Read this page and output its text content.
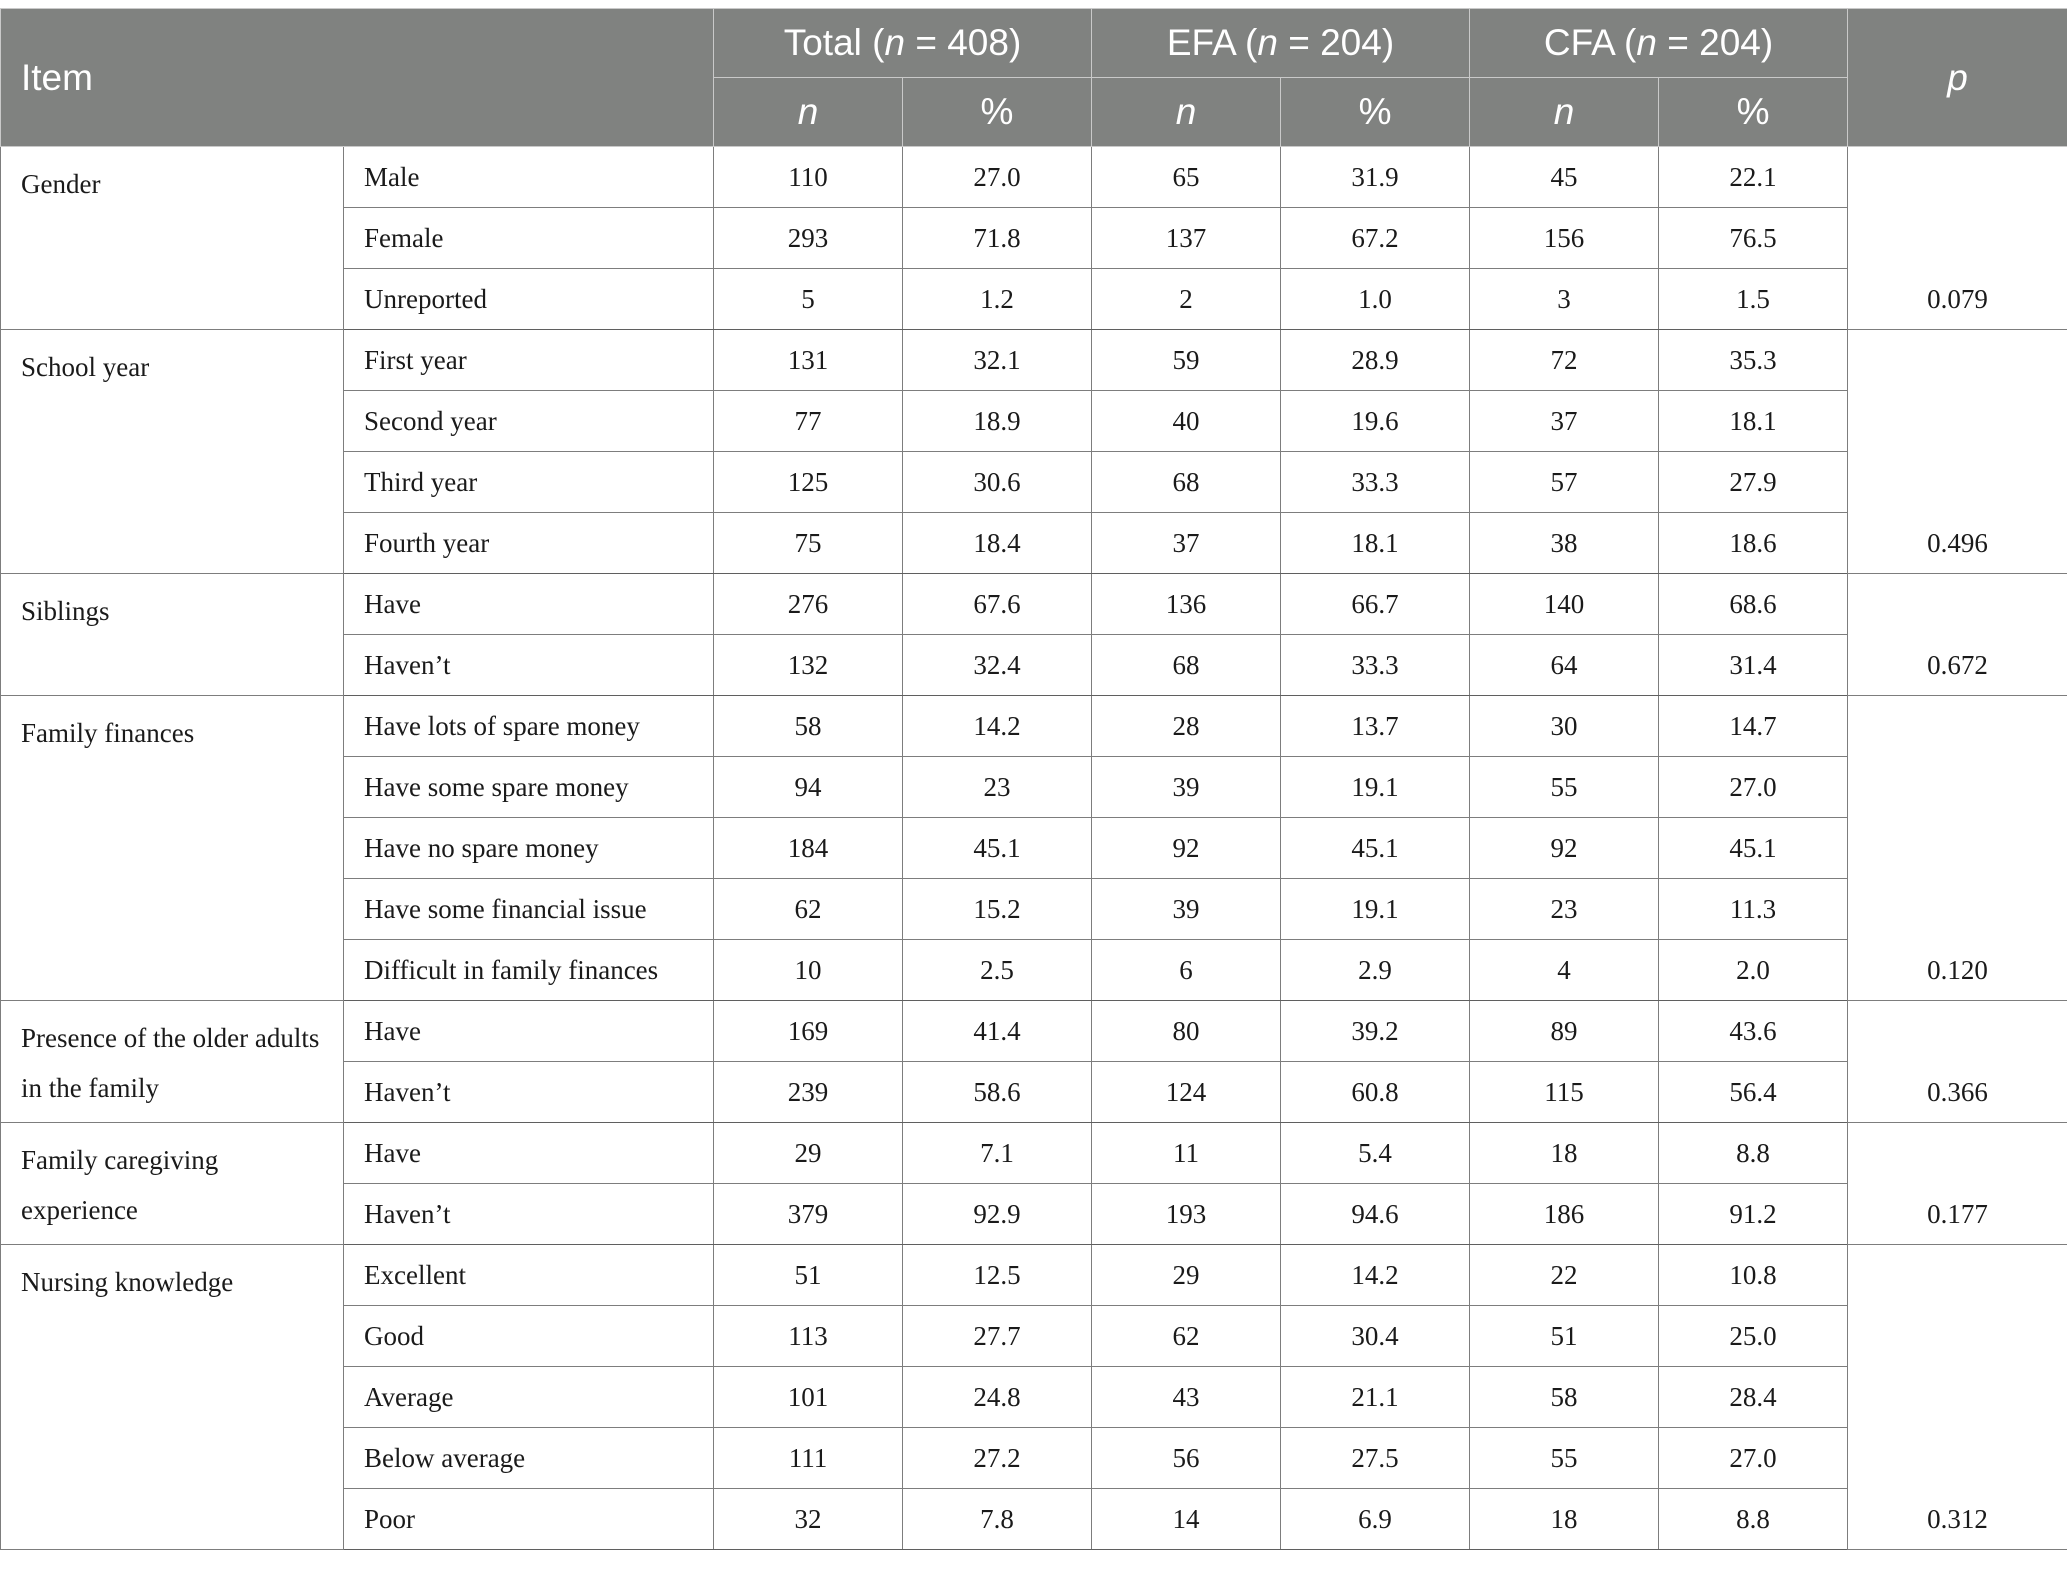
Item		Total (n = 408)		EFA (n = 204)		CFA (n = 204)		p
		n	%	n	%	n	%	
Gender	Male	110	27.0	65	31.9	45	22.1	0.079
	Female	293	71.8	137	67.2	156	76.5	
	Unreported	5	1.2	2	1.0	3	1.5	
School year	First year	131	32.1	59	28.9	72	35.3	0.496
	Second year	77	18.9	40	19.6	37	18.1	
	Third year	125	30.6	68	33.3	57	27.9	
	Fourth year	75	18.4	37	18.1	38	18.6	
Siblings	Have	276	67.6	136	66.7	140	68.6	0.672
	Haven’t	132	32.4	68	33.3	64	31.4	
Family finances	Have lots of spare money	58	14.2	28	13.7	30	14.7	0.120
	Have some spare money	94	23	39	19.1	55	27.0	
	Have no spare money	184	45.1	92	45.1	92	45.1	
	Have some financial issue	62	15.2	39	19.1	23	11.3	
	Difficult in family finances	10	2.5	6	2.9	4	2.0	
Presence of the older adults in the family	Have	169	41.4	80	39.2	89	43.6	0.366
	Haven’t	239	58.6	124	60.8	115	56.4	
Family caregiving experience	Have	29	7.1	11	5.4	18	8.8	0.177
	Haven’t	379	92.9	193	94.6	186	91.2	
Nursing knowledge	Excellent	51	12.5	29	14.2	22	10.8	0.312
	Good	113	27.7	62	30.4	51	25.0	
	Average	101	24.8	43	21.1	58	28.4	
	Below average	111	27.2	56	27.5	55	27.0	
	Poor	32	7.8	14	6.9	18	8.8	
